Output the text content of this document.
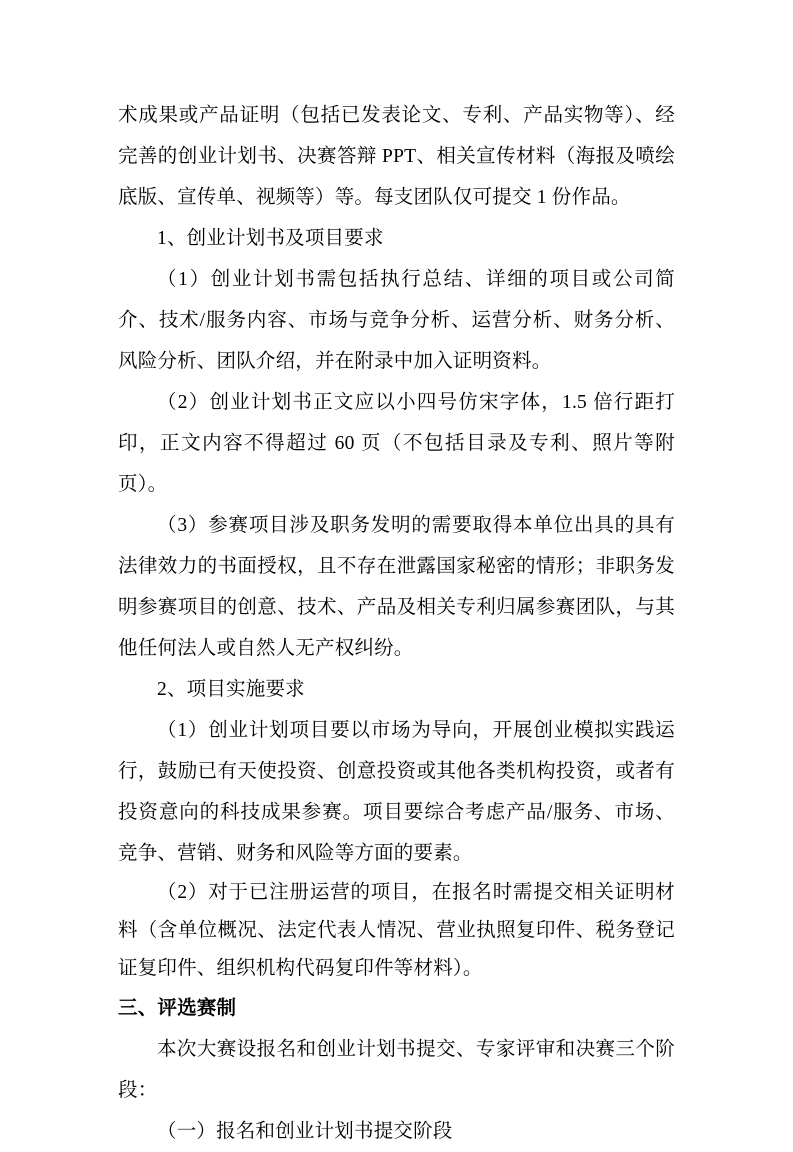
术成果或产品证明（包括已发表论文、专利、产品实物等）、经完善的创业计划书、决赛答辩 PPT、相关宣传材料（海报及喷绘底版、宣传单、视频等）等。每支团队仅可提交 1 份作品。

1、创业计划书及项目要求

（1）创业计划书需包括执行总结、详细的项目或公司简介、技术/服务内容、市场与竞争分析、运营分析、财务分析、风险分析、团队介绍，并在附录中加入证明资料。

（2）创业计划书正文应以小四号仿宋字体，1.5 倍行距打印，正文内容不得超过 60 页（不包括目录及专利、照片等附页）。

（3）参赛项目涉及职务发明的需要取得本单位出具的具有法律效力的书面授权，且不存在泄露国家秘密的情形；非职务发明参赛项目的创意、技术、产品及相关专利归属参赛团队，与其他任何法人或自然人无产权纠纷。

2、项目实施要求

（1）创业计划项目要以市场为导向，开展创业模拟实践运行，鼓励已有天使投资、创意投资或其他各类机构投资，或者有投资意向的科技成果参赛。项目要综合考虑产品/服务、市场、竞争、营销、财务和风险等方面的要素。

（2）对于已注册运营的项目，在报名时需提交相关证明材料（含单位概况、法定代表人情况、营业执照复印件、税务登记证复印件、组织机构代码复印件等材料）。

三、评选赛制

本次大赛设报名和创业计划书提交、专家评审和决赛三个阶段：

（一）报名和创业计划书提交阶段
